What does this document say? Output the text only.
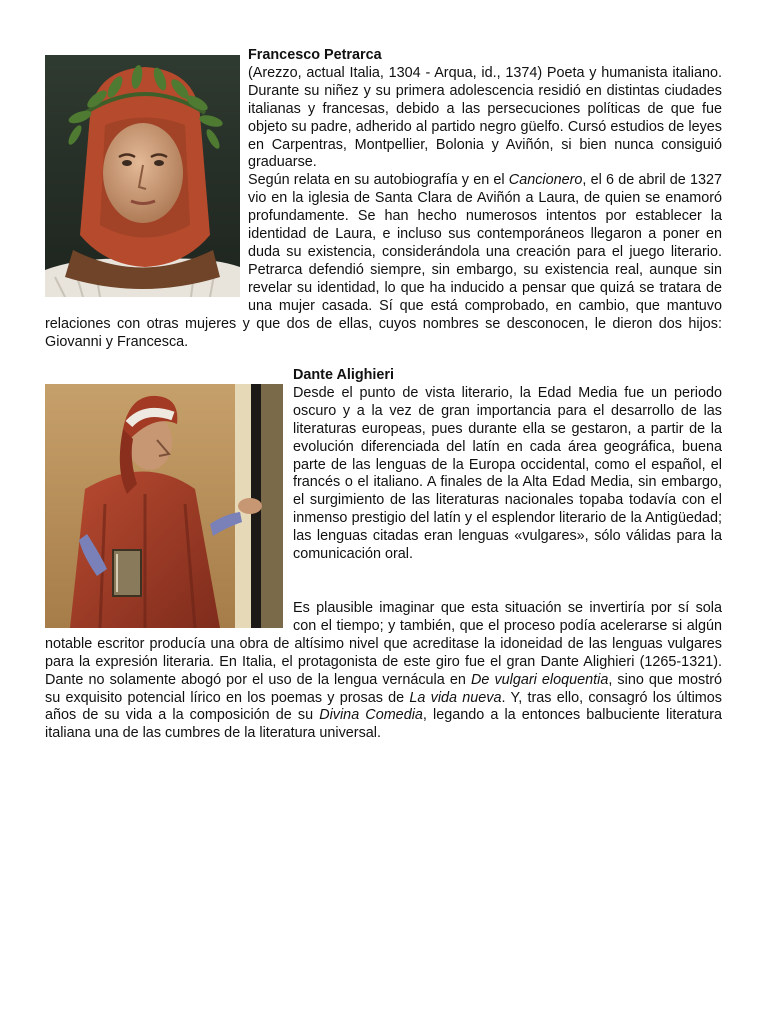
Francesco Petrarca
(Arezzo, actual Italia, 1304 - Arqua, id., 1374) Poeta y humanista italiano. Durante su niñez y su primera adolescencia residió en distintas ciudades italianas y francesas, debido a las persecuciones políticas de que fue objeto su padre, adherido al partido negro güelfo. Cursó estudios de leyes en Carpentras, Montpellier, Bolonia y Aviñón, si bien nunca consiguió graduarse.
Según relata en su autobiografía y en el Cancionero, el 6 de abril de 1327 vio en la iglesia de Santa Clara de Aviñón a Laura, de quien se enamoró profundamente. Se han hecho numerosos intentos por establecer la identidad de Laura, e incluso sus contemporáneos llegaron a poner en duda su existencia, considerándola una creación para el juego literario. Petrarca defendió siempre, sin embargo, su existencia real, aunque sin revelar su identidad, lo que ha inducido a pensar que quizá se tratara de una mujer casada. Sí que está comprobado, en cambio, que mantuvo relaciones con otras mujeres y que dos de ellas, cuyos nombres se desconocen, le dieron dos hijos: Giovanni y Francesca.
Dante Alighieri
Desde el punto de vista literario, la Edad Media fue un periodo oscuro y a la vez de gran importancia para el desarrollo de las literaturas europeas, pues durante ella se gestaron, a partir de la evolución diferenciada del latín en cada área geográfica, buena parte de las lenguas de la Europa occidental, como el español, el francés o el italiano. A finales de la Alta Edad Media, sin embargo, el surgimiento de las literaturas nacionales topaba todavía con el inmenso prestigio del latín y el esplendor literario de la Antigüedad; las lenguas citadas eran lenguas «vulgares», sólo válidas para la comunicación oral.
Es plausible imaginar que esta situación se invertiría por sí sola con el tiempo; y también, que el proceso podía acelerarse si algún notable escritor producía una obra de altísimo nivel que acreditase la idoneidad de las lenguas vulgares para la expresión literaria. En Italia, el protagonista de este giro fue el gran Dante Alighieri (1265-1321). Dante no solamente abogó por el uso de la lengua vernácula en De vulgari eloquentia, sino que mostró su exquisito potencial lírico en los poemas y prosas de La vida nueva. Y, tras ello, consagró los últimos años de su vida a la composición de su Divina Comedia, legando a la entonces balbuciente literatura italiana una de las cumbres de la literatura universal.
